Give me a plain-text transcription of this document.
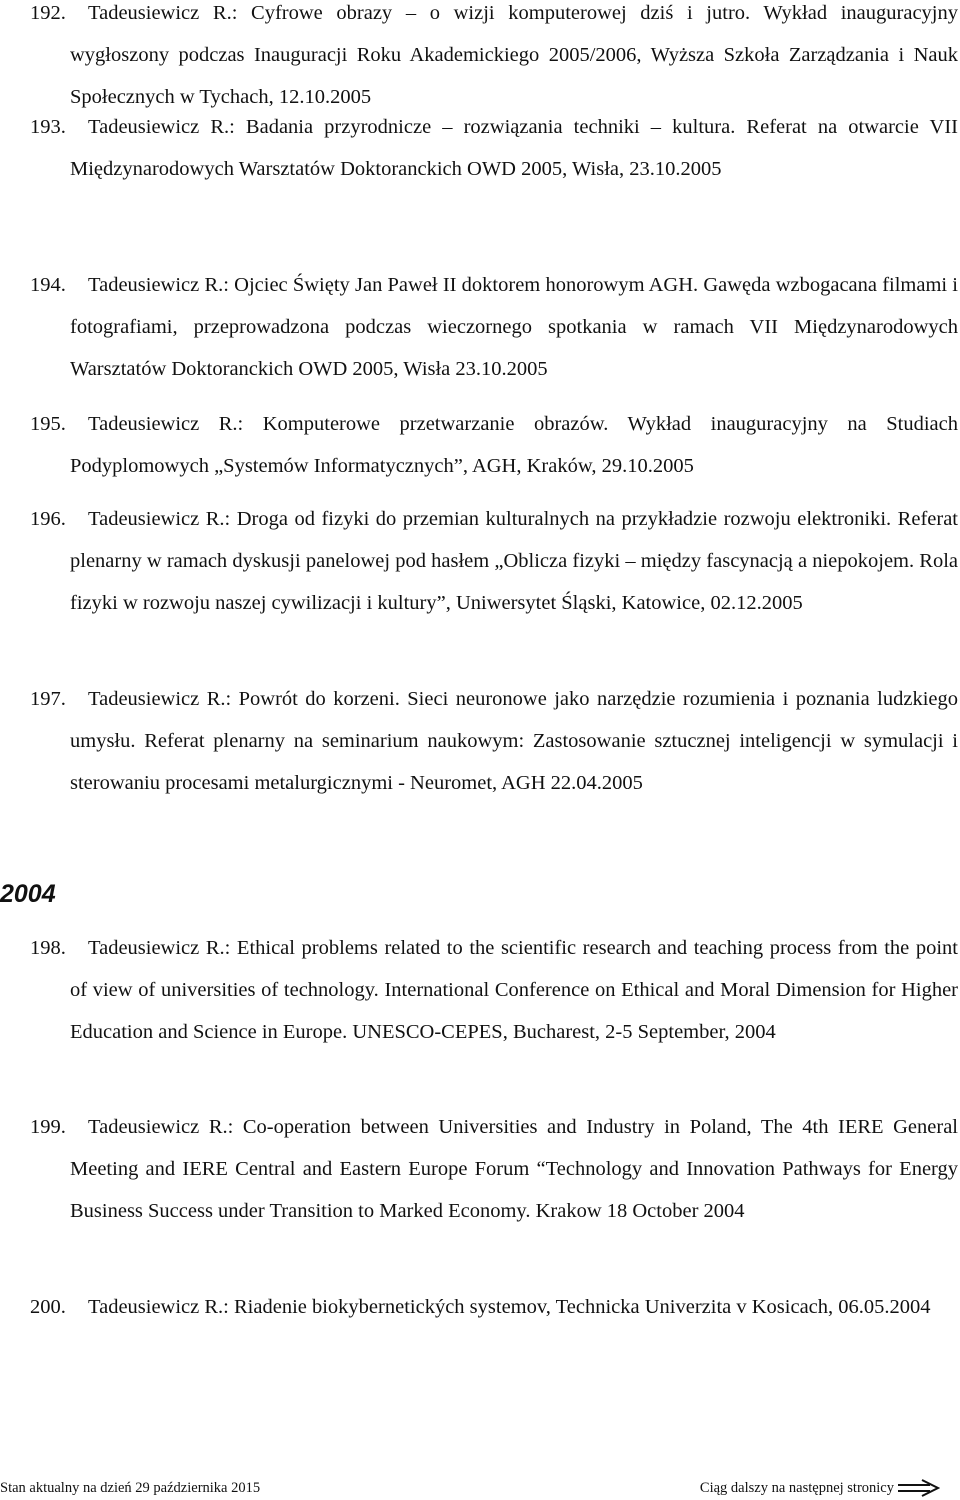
192. Tadeusiewicz R.: Cyfrowe obrazy – o wizji komputerowej dziś i jutro. Wykład inauguracyjny wygłoszony podczas Inauguracji Roku Akademickiego 2005/2006, Wyższa Szkoła Zarządzania i Nauk Społecznych w Tychach, 12.10.2005
193. Tadeusiewicz R.: Badania przyrodnicze – rozwiązania techniki – kultura. Referat na otwarcie VII Międzynarodowych Warsztatów Doktoranckich OWD 2005, Wisła, 23.10.2005
194. Tadeusiewicz R.: Ojciec Święty Jan Paweł II doktorem honorowym AGH. Gawęda wzbogacana filmami i fotografiami, przeprowadzona podczas wieczornego spotkania w ramach VII Międzynarodowych Warsztatów Doktoranckich OWD 2005, Wisła 23.10.2005
195. Tadeusiewicz R.: Komputerowe przetwarzanie obrazów. Wykład inauguracyjny na Studiach Podyplomowych „Systemów Informatycznych”, AGH, Kraków, 29.10.2005
196. Tadeusiewicz R.: Droga od fizyki do przemian kulturalnych na przykładzie rozwoju elektroniki. Referat plenarny w ramach dyskusji panelowej pod hasłem „Oblicza fizyki – między fascynacją a niepokojem. Rola fizyki w rozwoju naszej cywilizacji i kultury”, Uniwersytet Śląski, Katowice, 02.12.2005
197. Tadeusiewicz R.: Powrót do korzeni. Sieci neuronowe jako narzędzie rozumienia i poznania ludzkiego umysłu. Referat plenarny na seminarium naukowym: Zastosowanie sztucznej inteligencji w symulacji i sterowaniu procesami metalurgicznymi - Neuromet, AGH 22.04.2005
2004
198. Tadeusiewicz R.: Ethical problems related to the scientific research and teaching process from the point of view of universities of technology. International Conference on Ethical and Moral Dimension for Higher Education and Science in Europe. UNESCO-CEPES, Bucharest, 2-5 September, 2004
199. Tadeusiewicz R.: Co-operation between Universities and Industry in Poland, The 4th IERE General Meeting and IERE Central and Eastern Europe Forum “Technology and Innovation Pathways for Energy Business Success under Transition to Marked Economy. Krakow 18 October 2004
200. Tadeusiewicz R.: Riadenie biokybernetických systemov, Technicka Univerzita v Kosicach, 06.05.2004
Stan aktualny na dzień 29 października 2015	Ciąg dalszy na następnej stronicy
